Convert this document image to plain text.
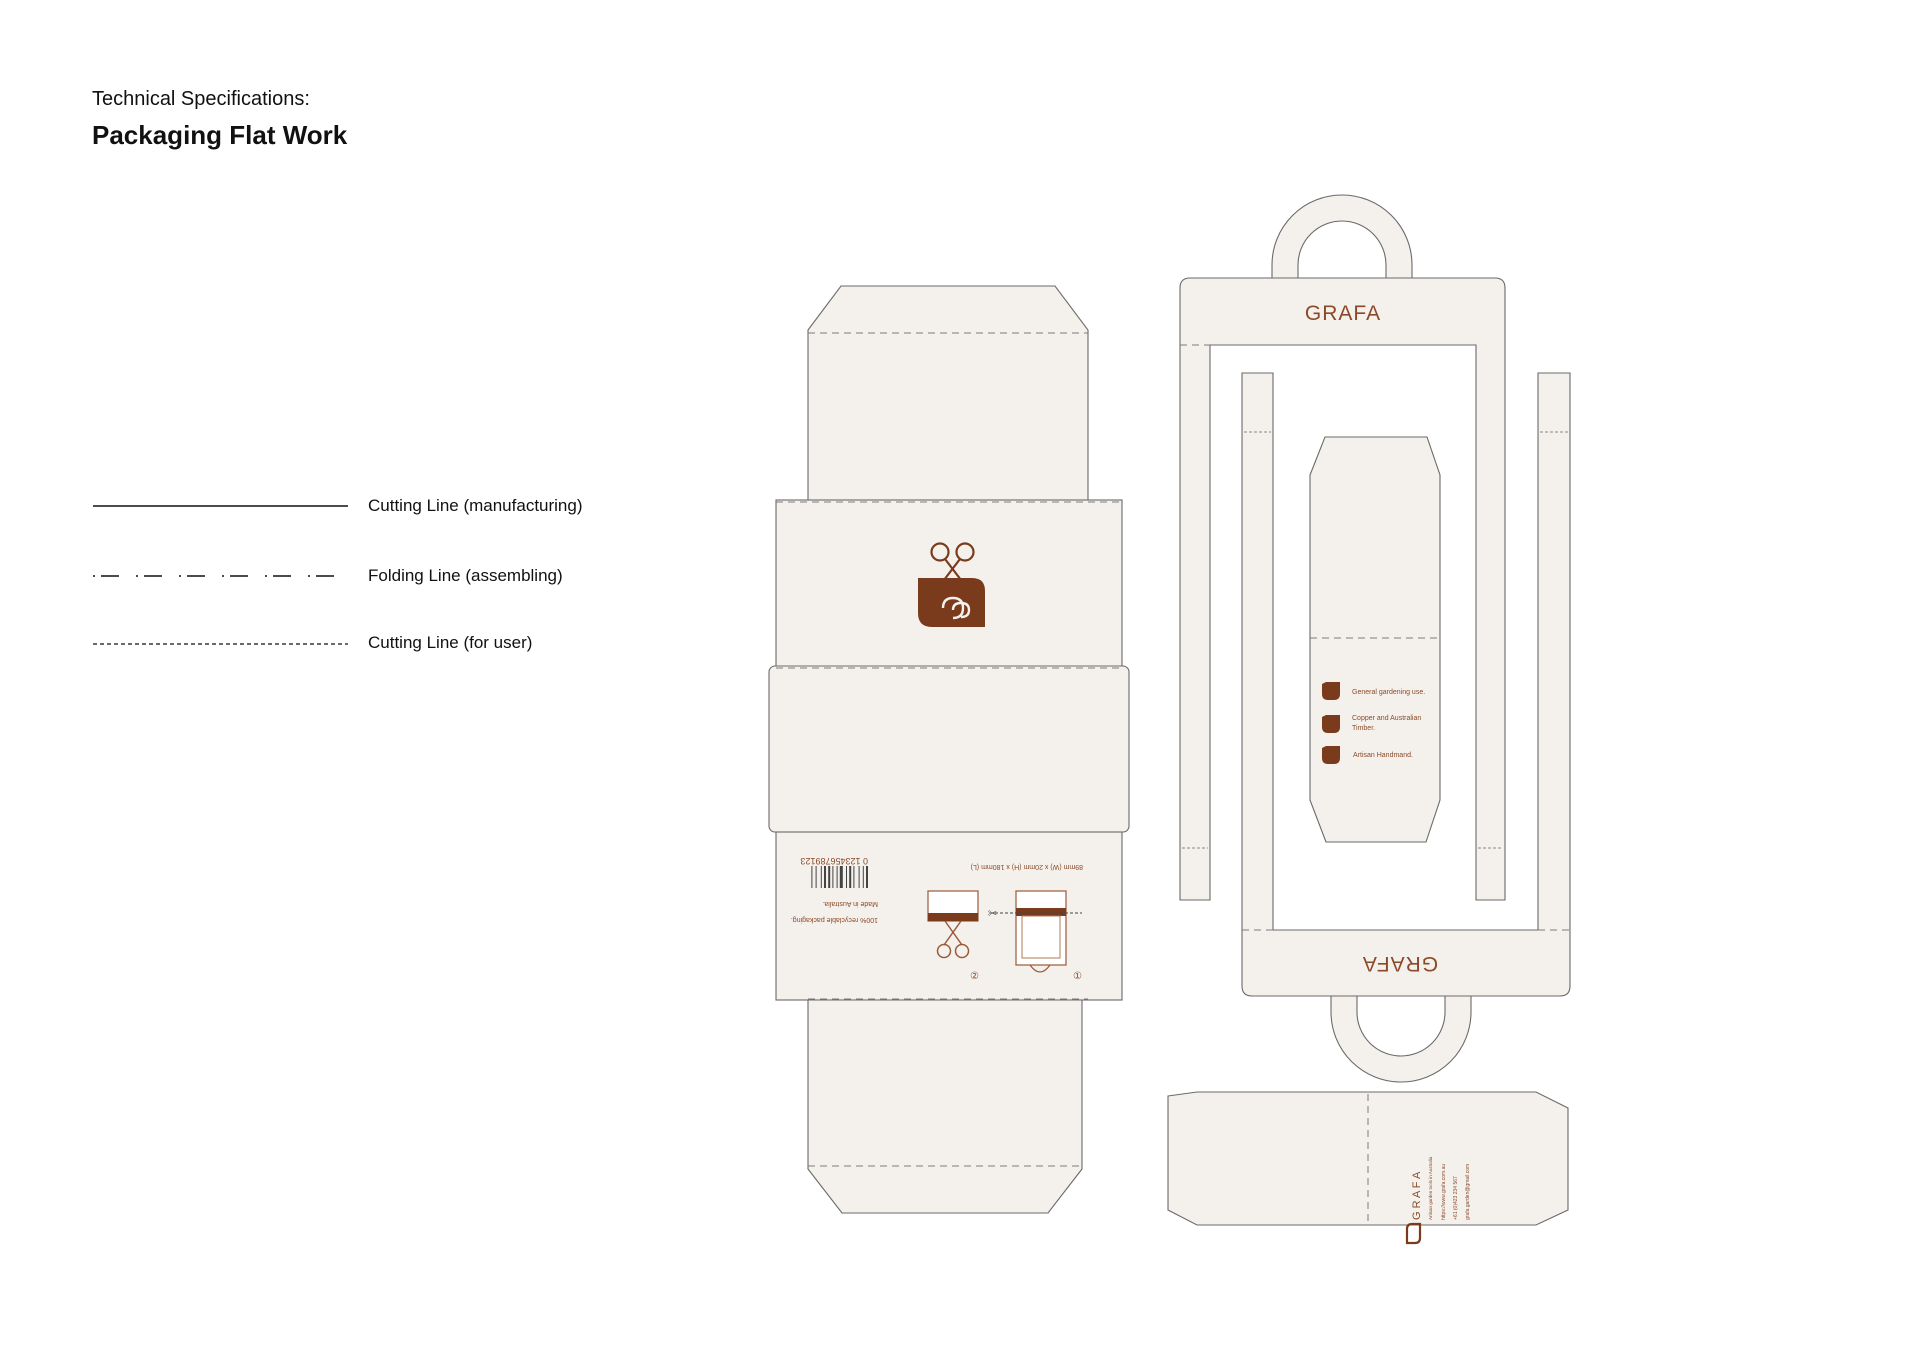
Technical Specifications:
Packaging Flat Work
Cutting Line (manufacturing)
Folding Line (assembling)
Cutting Line (for user)
0 123456789123
100% recyclable packaging.
Made in Australia.
89mm (W) x 20mm (H) x 180mm (L)
②
✂
①
GRAFA
GRAFA
General gardening use.
Copper and Australian
Timber.
Artisan Handmand.
G R A F A Artisan garden tools in Australia https://www.grafa.com.au +61 (0)423 234 567 grafa.garden@gmail.com
